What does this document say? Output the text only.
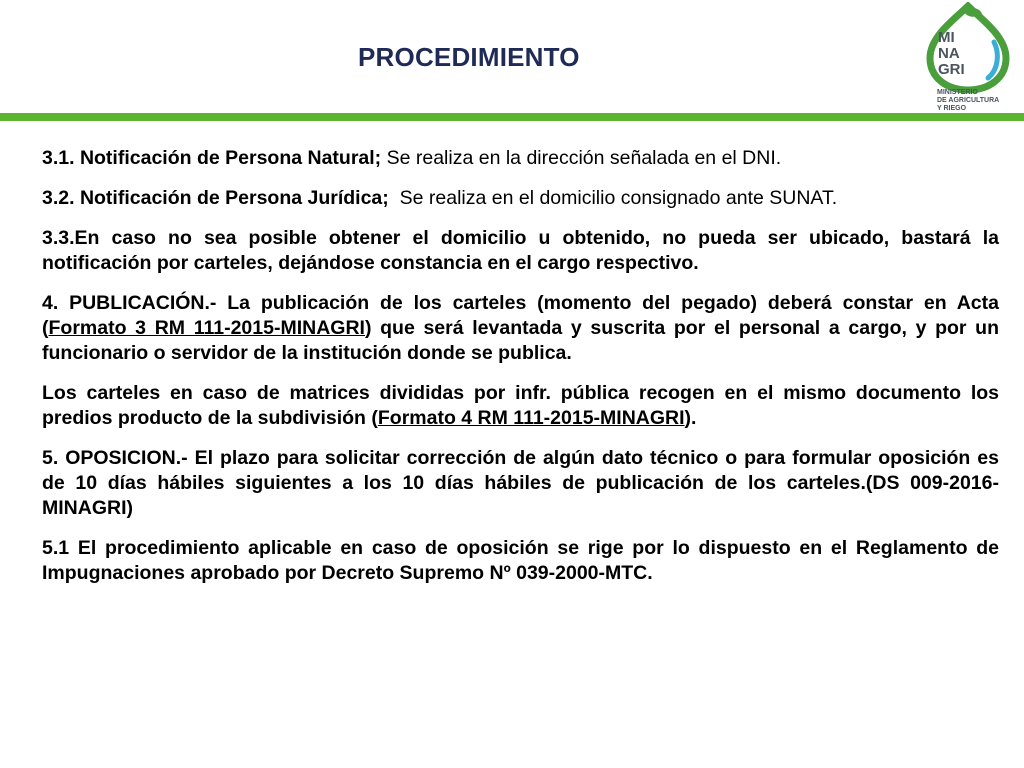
PROCEDIMIENTO
MI
NA
GRI
MINISTERIO
DE AGRICULTURA
Y RIEGO

3.1. Notificación de Persona Natural; Se realiza en la dirección señalada en el DNI.

3.2. Notificación de Persona Jurídica;  Se realiza en el domicilio consignado ante SUNAT.

3.3.En caso no sea posible obtener el domicilio u obtenido, no pueda ser ubicado, bastará la notificación por carteles, dejándose constancia en el cargo respectivo.

4. PUBLICACIÓN.- La publicación de los carteles (momento del pegado) deberá constar en Acta (Formato 3 RM 111-2015-MINAGRI) que será levantada y suscrita por el personal a cargo, y por un funcionario o servidor de la institución donde se publica.

Los carteles en caso de matrices divididas por infr. pública recogen en el mismo documento los predios producto de la subdivisión (Formato 4 RM 111-2015-MINAGRI).

5. OPOSICION.- El plazo para solicitar corrección de algún dato técnico o para formular oposición es de 10 días hábiles siguientes a los 10 días hábiles de publicación de los carteles.(DS 009-2016-MINAGRI)

5.1 El procedimiento aplicable en caso de oposición se rige por lo dispuesto en el Reglamento de Impugnaciones aprobado por Decreto Supremo Nº 039-2000-MTC.
